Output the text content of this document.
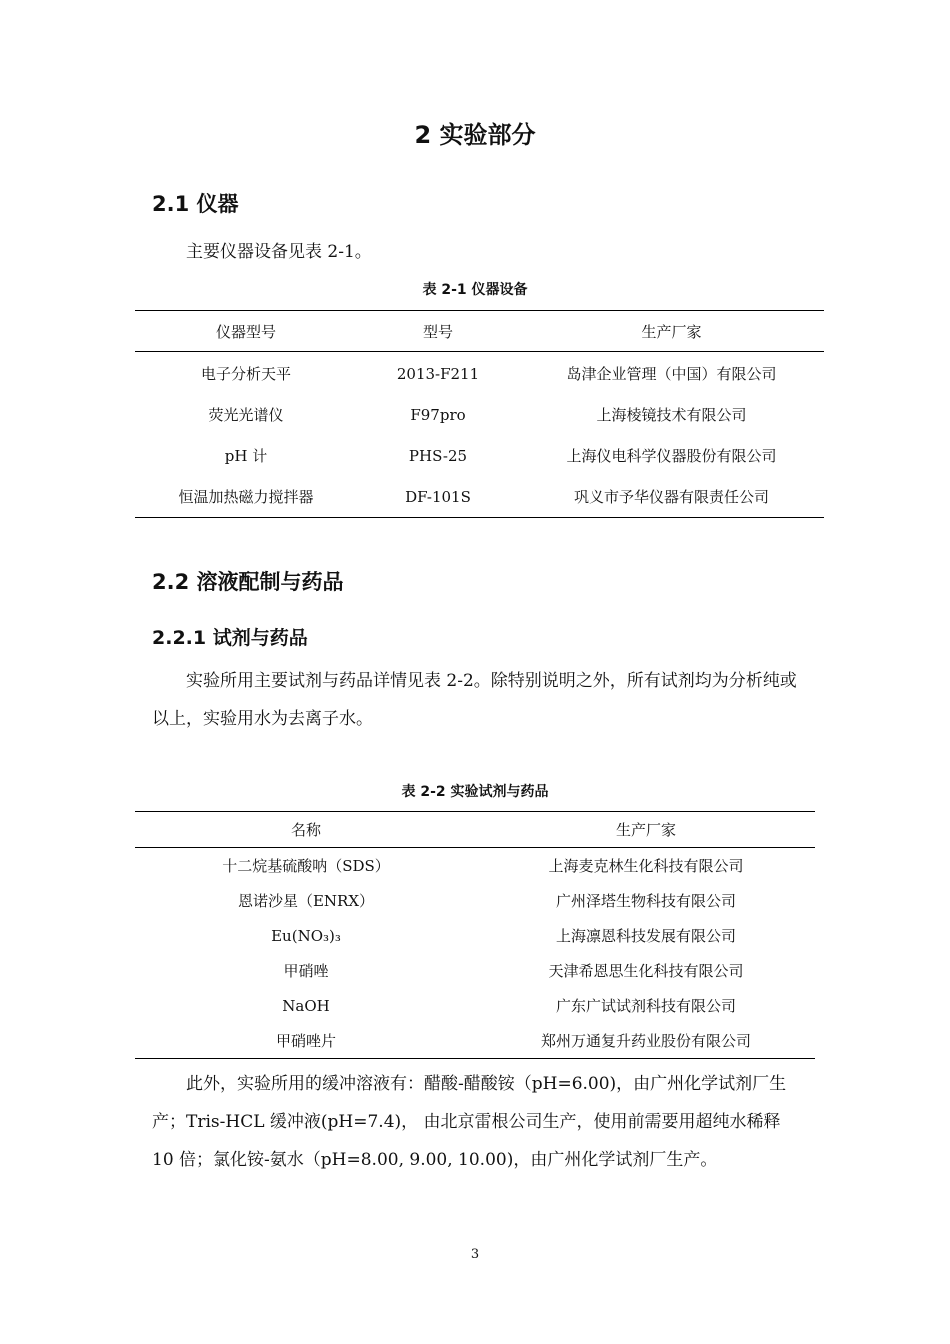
2 实验部分
2.1 仪器

主要仪器设备见表 2-1。

表 2-1 仪器设备

仪器型号	型号	生产厂家
电子分析天平	2013-F211	岛津企业管理（中国）有限公司
荧光光谱仪	F97pro	上海棱镜技术有限公司
pH 计	PHS-25	上海仪电科学仪器股份有限公司
恒温加热磁力搅拌器	DF-101S	巩义市予华仪器有限责任公司
2.2 溶液配制与药品
2.2.1 试剂与药品

实验所用主要试剂与药品详情见表 2-2。除特别说明之外，所有试剂均为分析纯或以上，实验用水为去离子水。

表 2-2 实验试剂与药品

名称	生产厂家
十二烷基硫酸呐（SDS）	上海麦克林生化科技有限公司
恩诺沙星（ENRX）	广州泽塔生物科技有限公司
Eu(NO₃)₃	上海凛恩科技发展有限公司
甲硝唑	天津希恩思生化科技有限公司
NaOH	广东广试试剂科技有限公司
甲硝唑片	郑州万通复升药业股份有限公司

此外，实验所用的缓冲溶液有：醋酸-醋酸铵（pH=6.00)，由广州化学试剂厂生产；Tris-HCL 缓冲液(pH=7.4)， 由北京雷根公司生产，使用前需要用超纯水稀释 10 倍；氯化铵-氨水（pH=8.00, 9.00, 10.00)，由广州化学试剂厂生产。

3
